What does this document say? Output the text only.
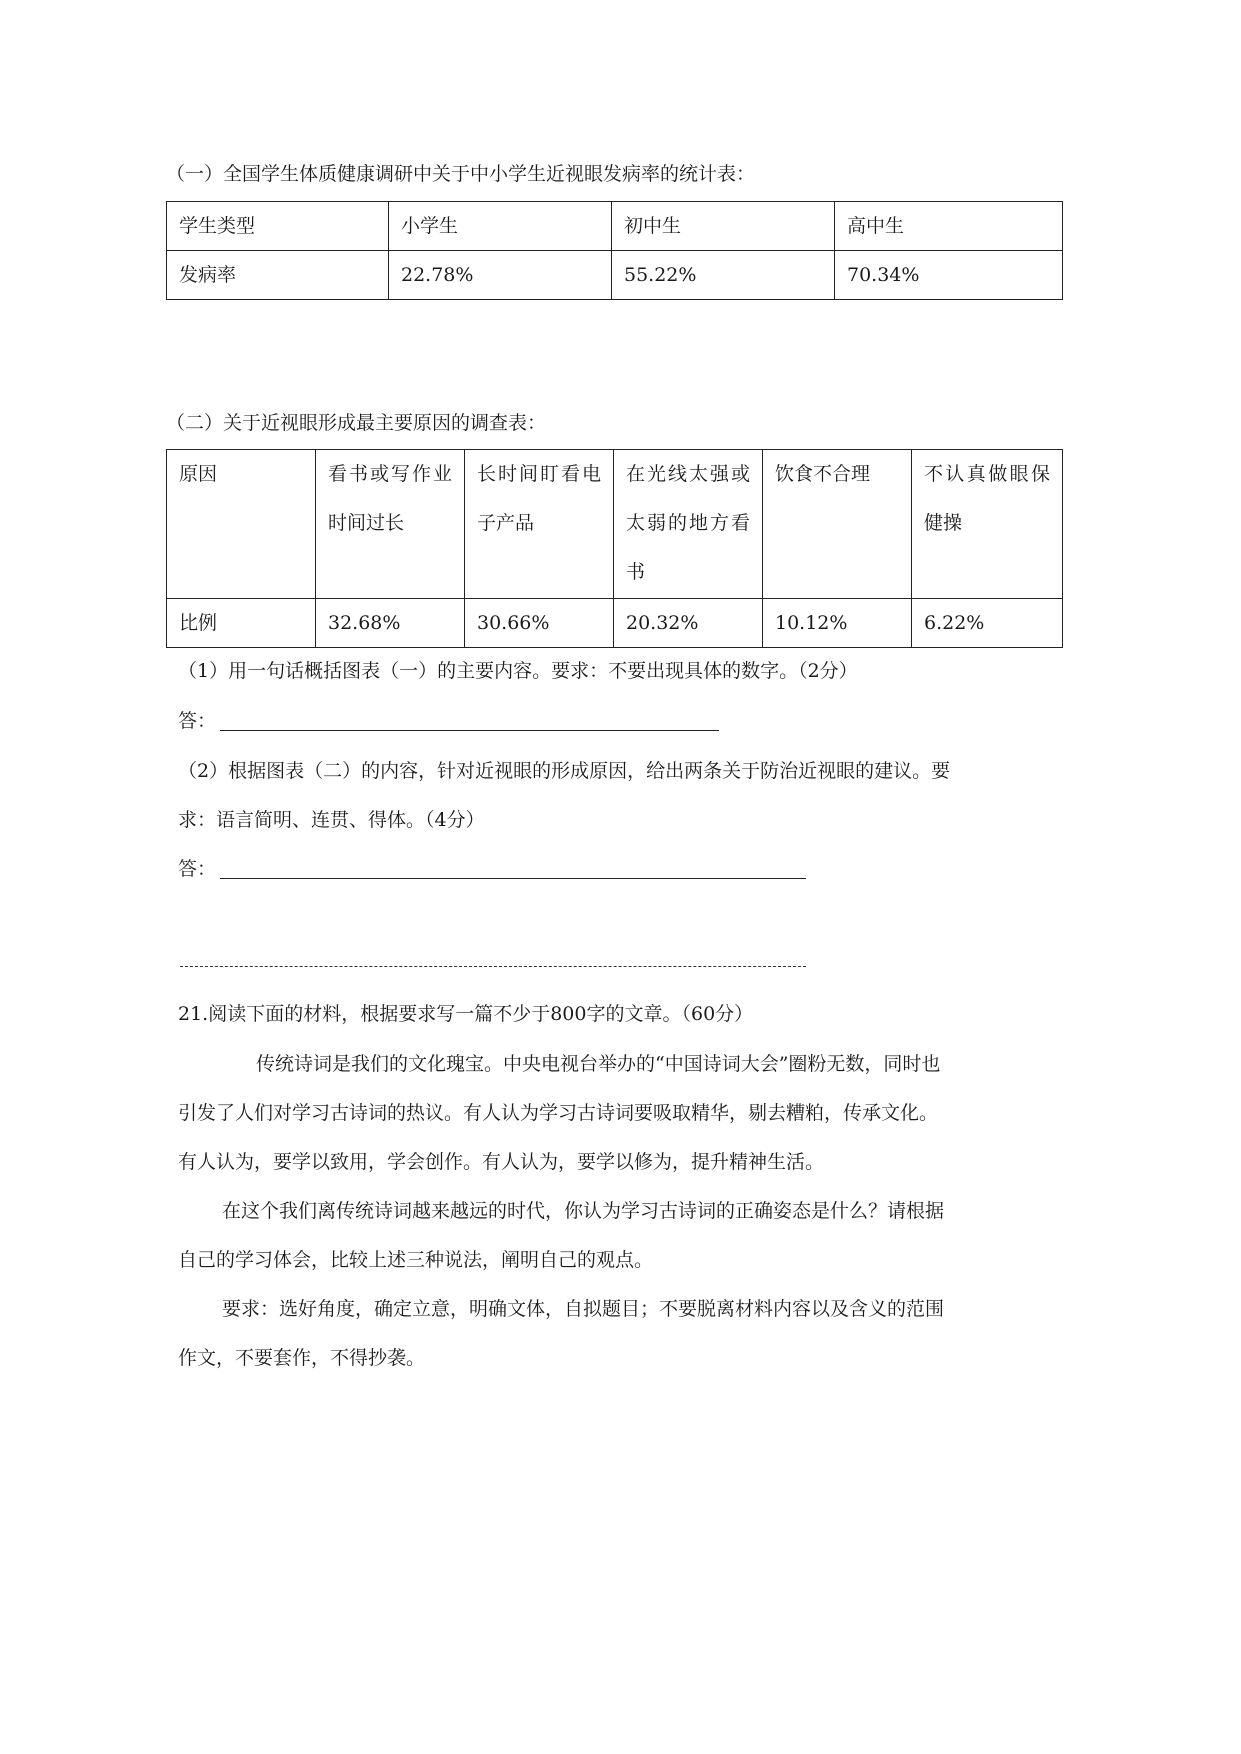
（一）全国学生体质健康调研中关于中小学生近视眼发病率的统计表：
学生类型	小学生	初中生	高中生
发病率	22.78%	55.22%	70.34%
（二）关于近视眼形成最主要原因的调查表：
原因	看书或写作业时间过长	长时间盯看电子产品	在光线太强或太弱的地方看书	饮食不合理	不认真做眼保健操
比例	32.68%	30.66%	20.32%	10.12%	6.22%
（1）用一句话概括图表（一）的主要内容。要求：不要出现具体的数字。（2分）
答：
（2）根据图表（二）的内容，针对近视眼的形成原因，给出两条关于防治近视眼的建议。要
求：语言简明、连贯、得体。（4分）
答：
21.阅读下面的材料，根据要求写一篇不少于800字的文章。（60分）
传统诗词是我们的文化瑰宝。中央电视台举办的“中国诗词大会”圈粉无数，同时也
引发了人们对学习古诗词的热议。有人认为学习古诗词要吸取精华，剔去糟粕，传承文化。
有人认为，要学以致用，学会创作。有人认为，要学以修为，提升精神生活。
在这个我们离传统诗词越来越远的时代，你认为学习古诗词的正确姿态是什么？请根据
自己的学习体会，比较上述三种说法，阐明自己的观点。
要求：选好角度，确定立意，明确文体，自拟题目；不要脱离材料内容以及含义的范围
作文，不要套作，不得抄袭。
